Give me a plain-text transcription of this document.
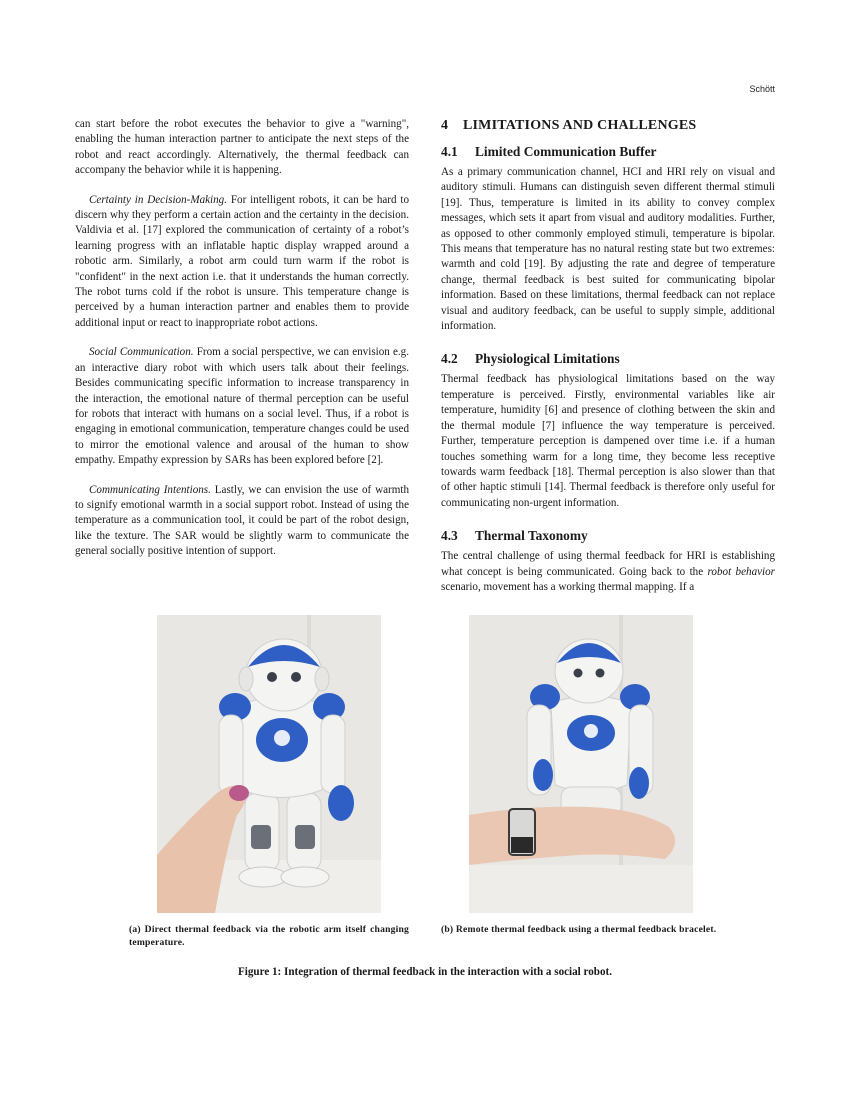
Schött

can start before the robot executes the behavior to give a "warning", enabling the human interaction partner to anticipate the next steps of the robot and react accordingly. Alternatively, the thermal feedback can accompany the behavior while it is happening.

Certainty in Decision-Making. For intelligent robots, it can be hard to discern why they perform a certain action and the certainty in the decision. Valdivia et al. [17] explored the communication of certainty of a robot’s learning progress with an inflatable haptic display wrapped around a robotic arm. Similarly, a robot arm could turn warm if the robot is "confident" in the next action i.e. that it understands the human correctly. The robot turns cold if the robot is unsure. This temperature change is perceived by a human interaction partner and enables them to provide additional input or react to inappropriate robot actions.

Social Communication. From a social perspective, we can envision e.g. an interactive diary robot with which users talk about their feelings. Besides communicating specific information to increase transparency in the interaction, the emotional nature of thermal perception can be useful for robots that interact with humans on a social level. Thus, if a robot is engaging in emotional communication, temperature changes could be used to mirror the emotional valence and arousal of the human to show empathy. Empathy expression by SARs has been explored before [2].

Communicating Intentions. Lastly, we can envision the use of warmth to signify emotional warmth in a social support robot. Instead of using the temperature as a communication tool, it could be part of the robot design, like the texture. The SAR would be slightly warm to communicate the general socially positive intention of support.

4 LIMITATIONS AND CHALLENGES
4.1 Limited Communication Buffer

As a primary communication channel, HCI and HRI rely on visual and auditory stimuli. Humans can distinguish seven different thermal stimuli [19]. Thus, temperature is limited in its ability to convey complex messages, which sets it apart from visual and auditory modalities. Further, as opposed to other commonly employed stimuli, temperature is bipolar. This means that temperature has no natural resting state but two extremes: warmth and cold [19]. By adjusting the rate and degree of temperature change, thermal feedback is best suited for communicating bipolar information. Based on these limitations, thermal feedback can not replace visual and auditory feedback, can be useful to supply simple, additional information.

4.2 Physiological Limitations

Thermal feedback has physiological limitations based on the way temperature is perceived. Firstly, environmental variables like air temperature, humidity [6] and presence of clothing between the skin and the thermal module [7] influence the way temperature is perceived. Further, temperature perception is dampened over time i.e. if a human touches something warm for a long time, they become less receptive towards warm feedback [18]. Thermal perception is also slower than that of other haptic stimuli [14]. Thermal feedback is therefore only useful for communicating non-urgent information.

4.3 Thermal Taxonomy

The central challenge of using thermal feedback for HRI is establishing what concept is being communicated. Going back to the robot behavior scenario, movement has a working thermal mapping. If a

(a) Direct thermal feedback via the robotic arm itself changing temperature.
(b) Remote thermal feedback using a thermal feedback bracelet.
Figure 1: Integration of thermal feedback in the interaction with a social robot.
